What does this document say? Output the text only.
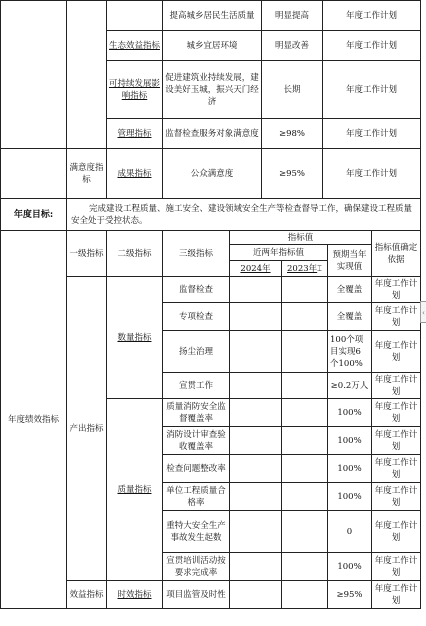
			提高城乡居民生活质量	明显提高	年度工作计划
		生态效益指标	城乡宜居环境	明显改善	年度工作计划
		可持续发展影响指标	促进建筑业持续发展，建设美好玉城，振兴天门经济	长期	年度工作计划
		管理指标	监督检查服务对象满意度	≥98%	年度工作计划
	满意度指标	成果指标	公众满意度	≥95%	年度工作计划
年度目标:	完成建设工程质量、施工安全、建设领域安全生产等检查督导工作，确保建设工程质量安全处于受控状态。
年度绩效指标	一级指标	二级指标	三级指标	指标值			指标值确定依据
				近两年指标值		预期当年实现值	
				2024年	2023年⌶		
	产出指标	数量指标	监督检查			全覆盖	年度工作计划
			专项检查			全覆盖	年度工作计划
			扬尘治理			100个项目实现6个100%	年度工作计划
			宣贯工作			≥0.2万人	年度工作计划
		质量指标	质量消防安全监督覆盖率			100%	年度工作计划
			消防设计审查验收覆盖率			100%	年度工作计划
			检查问题整改率			100%	年度工作计划
			单位工程质量合格率			100%	年度工作计划
			重特大安全生产事故发生起数			0	年度工作计划
			宣贯培训活动按要求完成率			100%	年度工作计划
	效益指标	时效指标	项目监管及时性			≥95%	年度工作计划
‹
